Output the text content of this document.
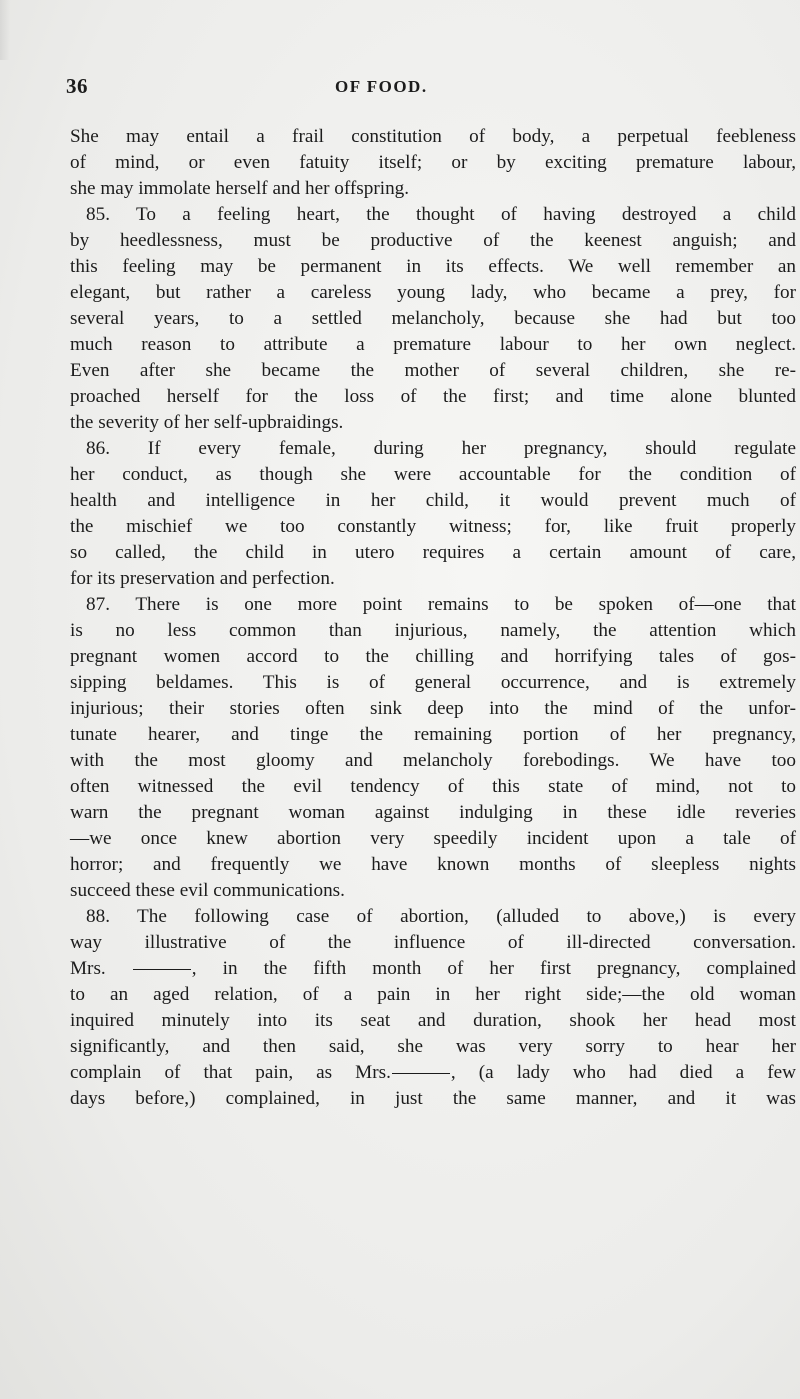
36	OF FOOD.
She may entail a frail constitution of body, a perpetual feebleness
of mind, or even fatuity itself; or by exciting premature labour,
she may immolate herself and her offspring.
85. To a feeling heart, the thought of having destroyed a child
by heedlessness, must be productive of the keenest anguish; and
this feeling may be permanent in its effects. We well remember an
elegant, but rather a careless young lady, who became a prey, for
several years, to a settled melancholy, because she had but too
much reason to attribute a premature labour to her own neglect.
Even after she became the mother of several children, she re-
proached herself for the loss of the first; and time alone blunted
the severity of her self-upbraidings.
86. If every female, during her pregnancy, should regulate
her conduct, as though she were accountable for the condition of
health and intelligence in her child, it would prevent much of
the mischief we too constantly witness; for, like fruit properly
so called, the child in utero requires a certain amount of care,
for its preservation and perfection.
87. There is one more point remains to be spoken of—one that
is no less common than injurious, namely, the attention which
pregnant women accord to the chilling and horrifying tales of gos-
sipping beldames. This is of general occurrence, and is extremely
injurious; their stories often sink deep into the mind of the unfor-
tunate hearer, and tinge the remaining portion of her pregnancy,
with the most gloomy and melancholy forebodings. We have too
often witnessed the evil tendency of this state of mind, not to
warn the pregnant woman against indulging in these idle reveries
—we once knew abortion very speedily incident upon a tale of
horror; and frequently we have known months of sleepless nights
succeed these evil communications.
88. The following case of abortion, (alluded to above,) is every
way illustrative of the influence of ill-directed conversation.
Mrs.	, in the fifth month of her first pregnancy, complained
to an aged relation, of a pain in her right side;—the old woman
inquired minutely into its seat and duration, shook her head most
significantly, and then said, she was very sorry to hear her
complain of that pain, as Mrs.	, (a lady who had died a few
days before,) complained, in just the same manner, and it was
